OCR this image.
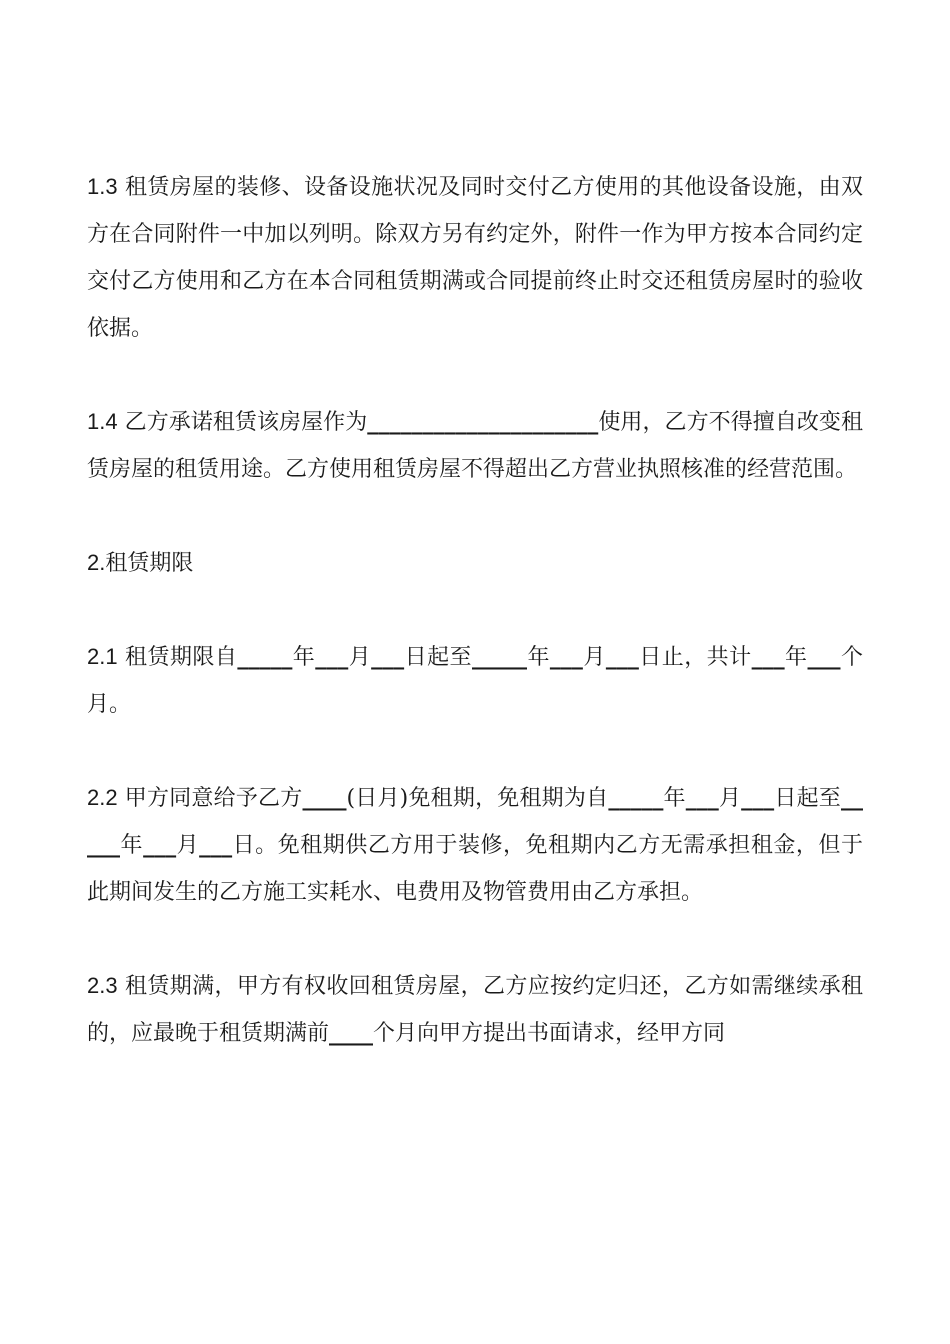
1.3 租赁房屋的装修、设备设施状况及同时交付乙方使用的其他设备设施，由双方在合同附件一中加以列明。除双方另有约定外，附件一作为甲方按本合同约定交付乙方使用和乙方在本合同租赁期满或合同提前终止时交还租赁房屋时的验收依据。

1.4 乙方承诺租赁该房屋作为_____________________使用，乙方不得擅自改变租赁房屋的租赁用途。乙方使用租赁房屋不得超出乙方营业执照核准的经营范围。

2.租赁期限

2.1 租赁期限自_____年___月___日起至_____年___月___日止，共计___年___个月。

2.2 甲方同意给予乙方____(日月)免租期，免租期为自_____年___月___日起至_____年___月___日。免租期供乙方用于装修，免租期内乙方无需承担租金，但于此期间发生的乙方施工实耗水、电费用及物管费用由乙方承担。

2.3 租赁期满，甲方有权收回租赁房屋，乙方应按约定归还，乙方如需继续承租的，应最晚于租赁期满前____个月向甲方提出书面请求，经甲方同
